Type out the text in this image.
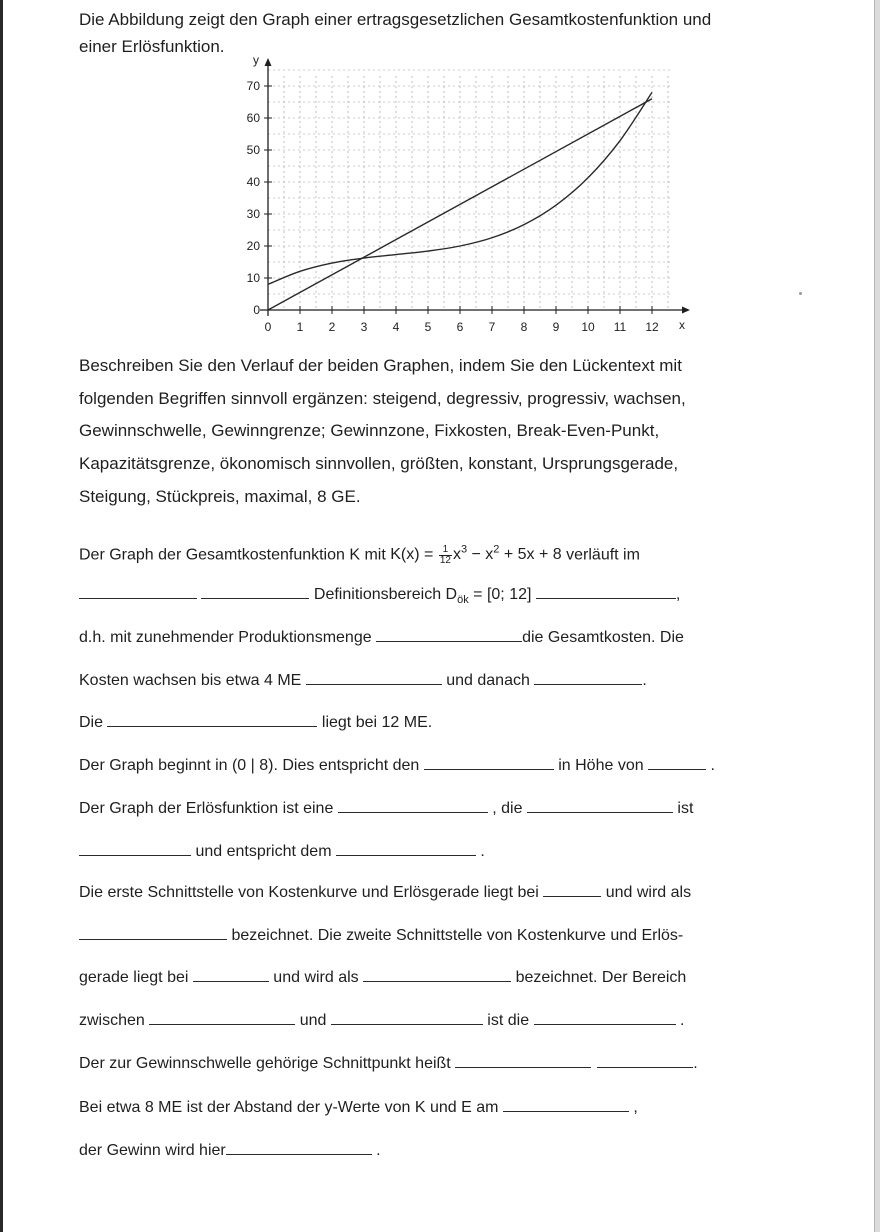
Die Abbildung zeigt den Graph einer ertragsgesetzlichen Gesamtkostenfunktion und
einer Erlösfunktion.
0 1 2 3 4 5 6 7 8 9 10 11 12
0
10
20
30
40
50
60
70
x
y
Beschreiben Sie den Verlauf der beiden Graphen, indem Sie den Lückentext mit
folgenden Begriffen sinnvoll ergänzen: steigend, degressiv, progressiv, wachsen,
Gewinnschwelle, Gewinngrenze; Gewinnzone, Fixkosten, Break-Even-Punkt,
Kapazitätsgrenze, ökonomisch sinnvollen, größten, konstant, Ursprungsgerade,
Steigung, Stückpreis, maximal, 8 GE.
Der Graph der Gesamtkostenfunktion K mit $K(x) = \frac{1}{12} x^3 - x^2 + 5x + 8$ verläuft im
Definitionsbereich $D_{ök} = [0$; 12]	,
d.h. mit zunehmender Produktionsmenge	die Gesamtkosten. Die
Kosten wachsen bis etwa 4 ME	und danach	.
Die	liegt bei 12 ME.
Der Graph beginnt in (0 | 8). Dies entspricht den	in Höhe von	.
Der Graph der Erlösfunktion ist eine	, die	ist
und entspricht dem	.
Die erste Schnittstelle von Kostenkurve und Erlösgerade liegt bei	und wird als
bezeichnet. Die zweite Schnittstelle von Kostenkurve und Erlös-
gerade liegt bei	und wird als	bezeichnet. Der Bereich
zwischen	und	ist die	.
Der zur Gewinnschwelle gehörige Schnittpunkt heißt	.
Bei etwa 8 ME ist der Abstand der y-Werte von K und E am	,
der Gewinn wird hier	.
